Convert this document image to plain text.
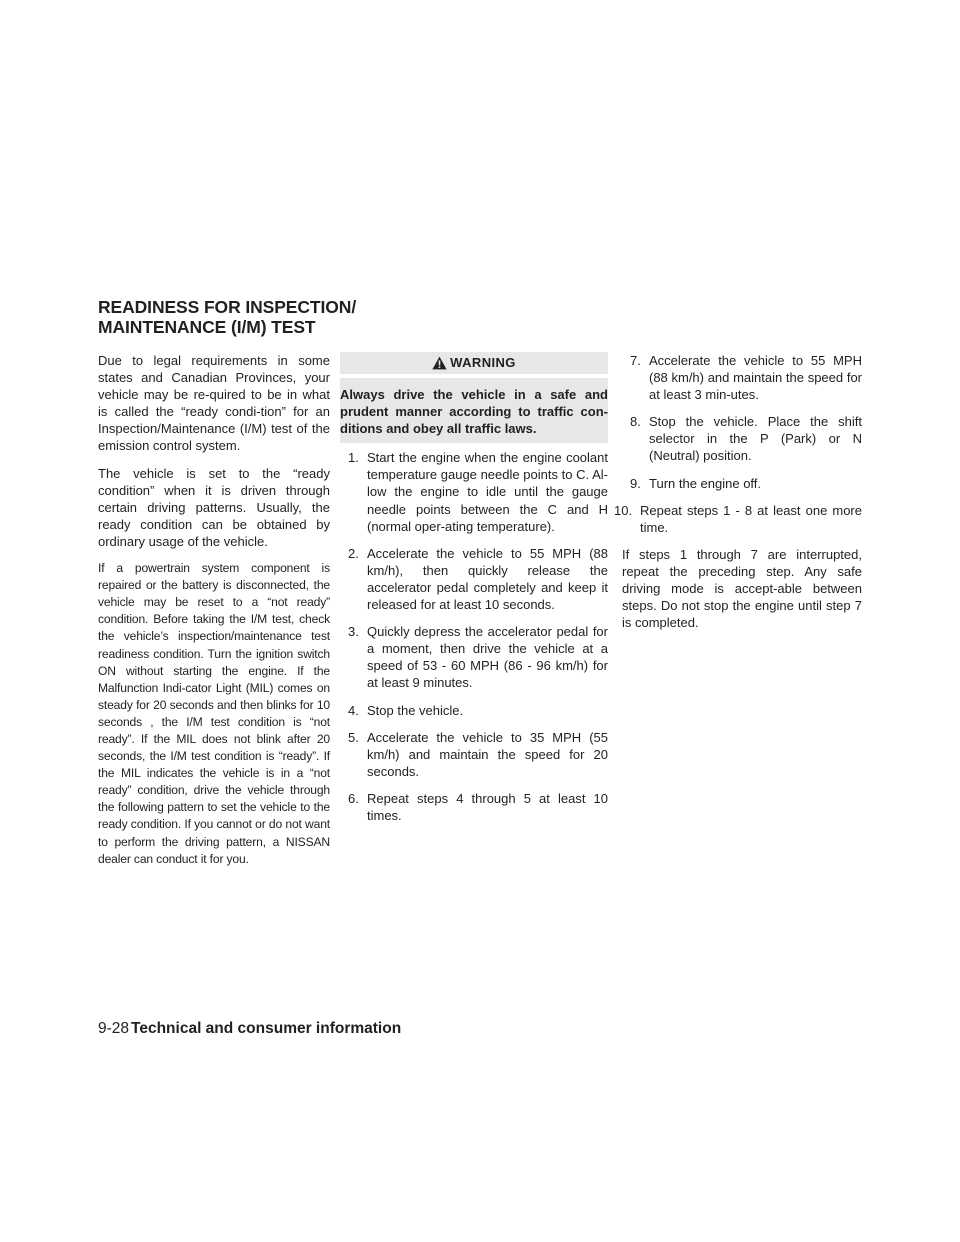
READINESS FOR INSPECTION/
MAINTENANCE (I/M) TEST

Due to legal requirements in some states and Canadian Provinces, your vehicle may be re-quired to be in what is called the “ready condi-tion” for an Inspection/Maintenance (I/M) test of the emission control system.

The vehicle is set to the “ready condition” when it is driven through certain driving patterns. Usually, the ready condition can be obtained by ordinary usage of the vehicle.

If a powertrain system component is repaired or the battery is disconnected, the vehicle may be reset to a “not ready” condition. Before taking the I/M test, check the vehicle’s inspection/maintenance test readiness condition. Turn the ignition switch ON without starting the engine. If the Malfunction Indi-cator Light (MIL) comes on steady for 20 seconds and then blinks for 10 seconds , the I/M test condition is “not ready”. If the MIL does not blink after 20 seconds, the I/M test condition is “ready”. If the MIL indicates the vehicle is in a “not ready” condition, drive the vehicle through the following pattern to set the vehicle to the ready condition. If you cannot or do not want to perform the driving pattern, a NISSAN dealer can conduct it for you.

WARNING
Always drive the vehicle in a safe and prudent manner according to traffic con-ditions and obey all traffic laws.
1. Start the engine when the engine coolant temperature gauge needle points to C. Al-low the engine to idle until the gauge needle points between the C and H (normal oper-ating temperature).
2. Accelerate the vehicle to 55 MPH (88 km/h), then quickly release the accelerator pedal completely and keep it released for at least 10 seconds.
3. Quickly depress the accelerator pedal for a moment, then drive the vehicle at a speed of 53 - 60 MPH (86 - 96 km/h) for at least 9 minutes.
4. Stop the vehicle.
5. Accelerate the vehicle to 35 MPH (55 km/h) and maintain the speed for 20 seconds.
6. Repeat steps 4 through 5 at least 10 times.
7. Accelerate the vehicle to 55 MPH (88 km/h) and maintain the speed for at least 3 min-utes.
8. Stop the vehicle. Place the shift selector in the P (Park) or N (Neutral) position.
9. Turn the engine off.
10. Repeat steps 1 - 8 at least one more time.

If steps 1 through 7 are interrupted, repeat the preceding step. Any safe driving mode is accept-able between steps. Do not stop the engine until step 7 is completed.

9-28 Technical and consumer information
